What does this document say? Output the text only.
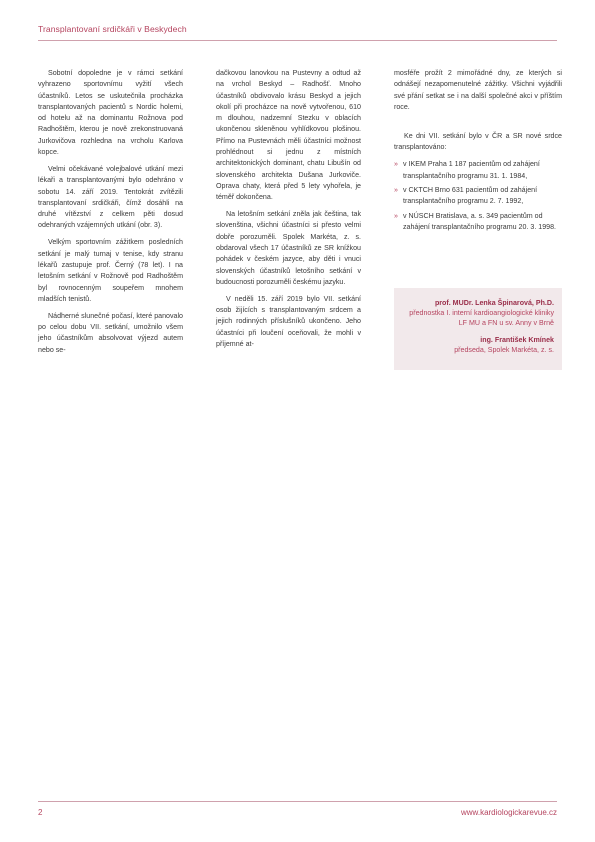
Transplantovaní srdičkáři v Beskydech

Sobotní dopoledne je v rámci setkání vyhrazeno sportovnímu vyžití všech účastníků. Letos se uskutečnila procházka transplantovaných pacientů s Nordic holemi, od hotelu až na dominantu Rožnova pod Radhoštěm, kterou je nově zrekonstruovaná Jurkovičova rozhledna na vrcholu Karlova kopce.

Velmi očekávané volejbalové utkání mezi lékaři a transplantovanými bylo odehráno v sobotu 14. září 2019. Tentokrát zvítězili transplantovaní srdičkáři, čímž dosáhli na druhé vítězství z celkem pěti dosud odehraných vzájemných utkání (obr. 3).

Velkým sportovním zážitkem posledních setkání je malý turnaj v tenise, kdy stranu lékařů zastupuje prof. Černý (78 let). I na letošním setkání v Rožnově pod Radhoštěm byl rovnocenným soupeřem mnohem mladších tenistů.

Nádherné slunečné počasí, které panovalo po celou dobu VII. setkání, umožnilo všem jeho účastníkům absolvovat výjezd autem nebo se-

dačkovou lanovkou na Pustevny a odtud až na vrchol Beskyd – Radhošť. Mnoho účastníků obdivovalo krásu Beskyd a jejich okolí při procházce na nově vytvořenou, 610 m dlouhou, nadzemní Stezku v oblacích ukončenou skleněnou vyhlídkovou plošinou. Přímo na Pustevnách měli účastníci možnost prohlédnout si jednu z místních architektonických dominant, chatu Libušín od slovenského architekta Dušana Jurkoviče. Oprava chaty, která před 5 lety vyhořela, je téměř dokončena.

Na letošním setkání zněla jak čeština, tak slovenština, všichni účastníci si přesto velmi dobře porozuměli. Spolek Markéta, z. s. obdaroval všech 17 účastníků ze SR knížkou pohádek v českém jazyce, aby děti i vnuci slovenských účastníků letošního setkání v budoucnosti porozuměli českému jazyku.

V neděli 15. září 2019 bylo VII. setkání osob žijících s transplantovaným srdcem a jejich rodinných příslušníků ukončeno. Jeho účastníci při loučení oceňovali, že mohli v příjemné at-

mosféře prožít 2 mimořádné dny, ze kterých si odnášejí nezapomenutelné zážitky. Všichni vyjádřili své přání setkat se i na další společné akci v příštím roce.

Ke dni VII. setkání bylo v ČR a SR nové srdce transplantováno:

» v IKEM Praha 1 187 pacientům od zahájení transplantačního programu 31. 1. 1984,
» v CKTCH Brno 631 pacientům od zahájení transplantačního programu 2. 7. 1992,
» v NÚSCH Bratislava, a. s. 349 pacientům od zahájení transplantačního programu 20. 3. 1998.
prof. MUDr. Lenka Špinarová, Ph.D.
přednostka I. interní kardioangiologické kliniky
LF MU a FN u sv. Anny v Brně
ing. František Kmínek
předseda, Spolek Markéta, z. s.
2	www.kardiologickarevue.cz
